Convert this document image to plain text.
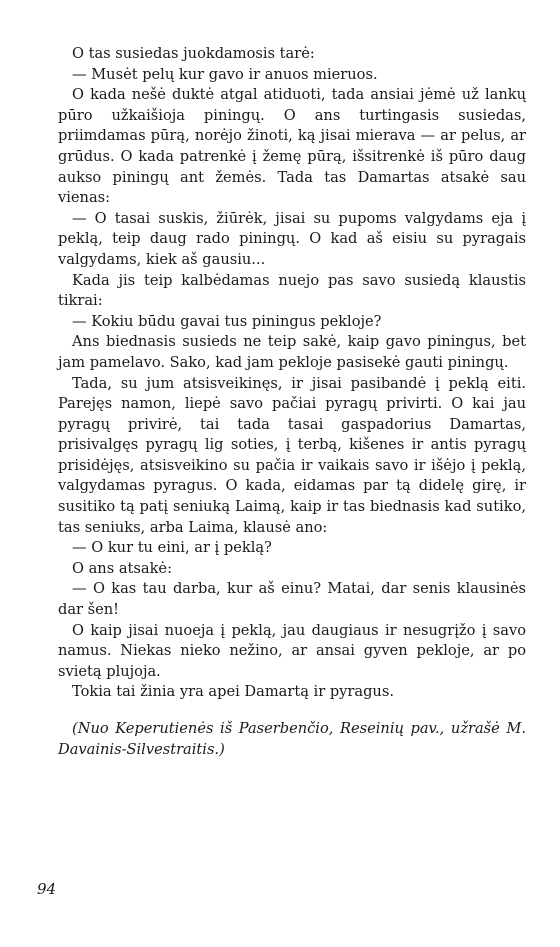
O tas susiedas juokdamosis tarė:

— Musėt pelų kur gavo ir anuos mieruos.

O kada nešė duktė atgal atiduoti, tada ansiai jėmė už lankų pūro užkaišioja piningų. O ans turtingasis susiedas, priimdamas pūrą, norėjo žinoti, ką jisai mierava — ar pelus, ar grūdus. O kada patrenkė į žemę pūrą, išsitrenkė iš pūro daug aukso piningų ant žemės. Tada tas Damartas atsakė sau vienas:

— O tasai suskis, žiūrėk, jisai su pupoms valgydams eja į peklą, teip daug rado piningų. O kad aš eisiu su pyragais valgydams, kiek aš gausiu...

Kada jis teip kalbėdamas nuejo pas savo susiedą klaustis tikrai:

— Kokiu būdu gavai tus piningus pekloje?

Ans biednasis susieds ne teip sakė, kaip gavo piningus, bet jam pamelavo. Sako, kad jam pekloje pasisekė gauti piningų.

Tada, su jum atsisveikinęs, ir jisai pasibandė į peklą eiti. Parejęs namon, liepė savo pačiai pyragų privirti. O kai jau pyragų privirė, tai tada tasai gaspadorius Damartas, prisivalgęs pyragų lig soties, į terbą, kišenes ir antis pyragų prisidėjęs, atsisveikino su pačia ir vaikais savo ir išėjo į peklą, valgydamas pyragus. O kada, eidamas par tą didelę girę, ir susitiko tą patį seniuką Laimą, kaip ir tas biednasis kad sutiko, tas seniuks, arba Laima, klausė ano:

— O kur tu eini, ar į peklą?

O ans atsakė:

— O kas tau darba, kur aš einu? Matai, dar senis klausinės dar šen!

O kaip jisai nuoeja į peklą, jau daugiaus ir nesugrįžo į savo namus. Niekas nieko nežino, ar ansai gyven pekloje, ar po svietą plujoja.

Tokia tai žinia yra apei Damartą ir pyragus.

(Nuo Keperutienės iš Paserbenčio, Reseinių pav., užrašė M. Davainis-Silvestraitis.)

94
